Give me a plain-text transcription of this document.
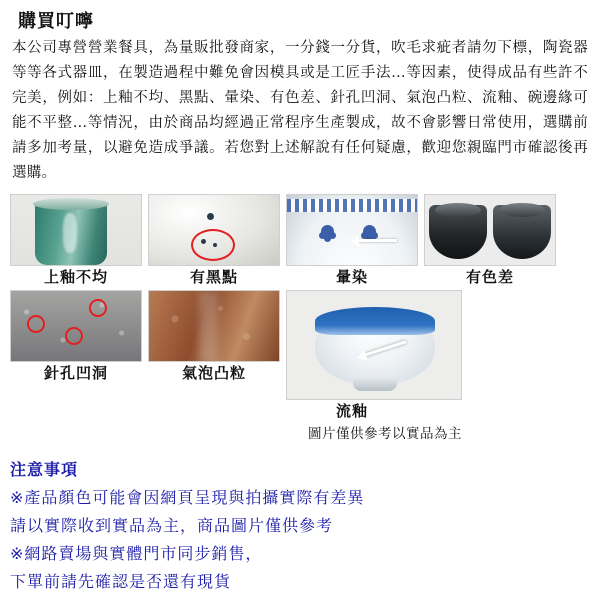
購買叮嚀

本公司專營營業餐具，為量販批發商家，一分錢一分貨，吹毛求疵者請勿下標，陶瓷器等等各式器皿，在製造過程中難免會因模具或是工匠手法…等因素，使得成品有些許不完美，例如：上釉不均、黑點、暈染、有色差、針孔凹洞、氣泡凸粒、流釉、碗邊緣可能不平整…等情況，由於商品均經過正常程序生產製成，故不會影響日常使用，選購前請多加考量，以避免造成爭議。若您對上述解說有任何疑慮，歡迎您親臨門市確認後再選購。

上釉不均	有黑點	暈染	有色差
針孔凹洞	氣泡凸粒
流釉
圖片僅供參考以實品為主

注意事項

※產品顏色可能會因網頁呈現與拍攝實際有差異

請以實際收到實品為主，商品圖片僅供參考

※網路賣場與實體門市同步銷售，

下單前請先確認是否還有現貨
